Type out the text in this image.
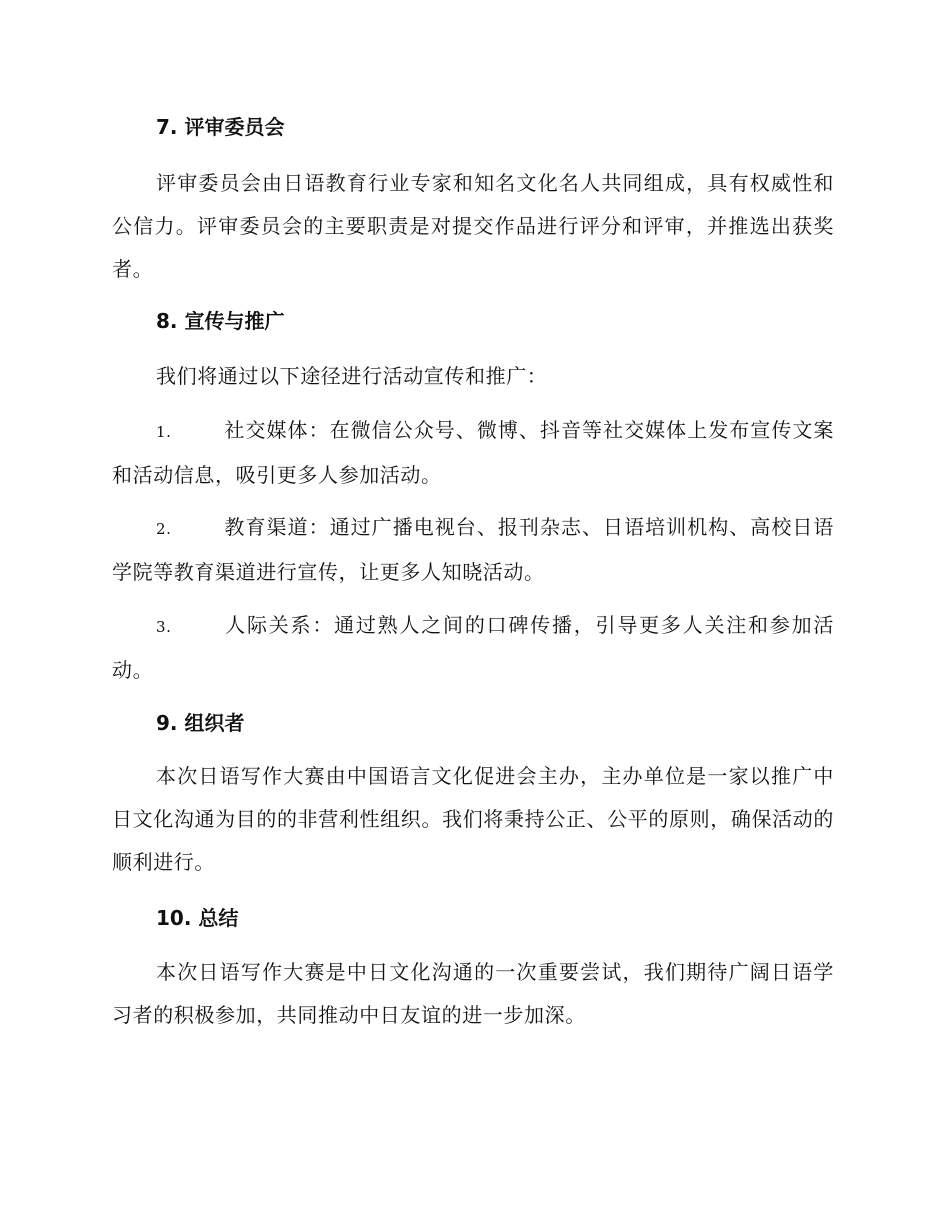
7. 评审委员会
评审委员会由日语教育行业专家和知名文化名人共同组成，具有权威性和公信力。评审委员会的主要职责是对提交作品进行评分和评审，并推选出获奖者。
8. 宣传与推广
我们将通过以下途径进行活动宣传和推广：
1.	社交媒体：在微信公众号、微博、抖音等社交媒体上发布宣传文案和活动信息，吸引更多人参加活动。
2.	教育渠道：通过广播电视台、报刊杂志、日语培训机构、高校日语学院等教育渠道进行宣传，让更多人知晓活动。
3.	人际关系：通过熟人之间的口碑传播，引导更多人关注和参加活动。
9. 组织者
本次日语写作大赛由中国语言文化促进会主办，主办单位是一家以推广中日文化沟通为目的的非营利性组织。我们将秉持公正、公平的原则，确保活动的顺利进行。
10. 总结
本次日语写作大赛是中日文化沟通的一次重要尝试，我们期待广阔日语学习者的积极参加，共同推动中日友谊的进一步加深。
